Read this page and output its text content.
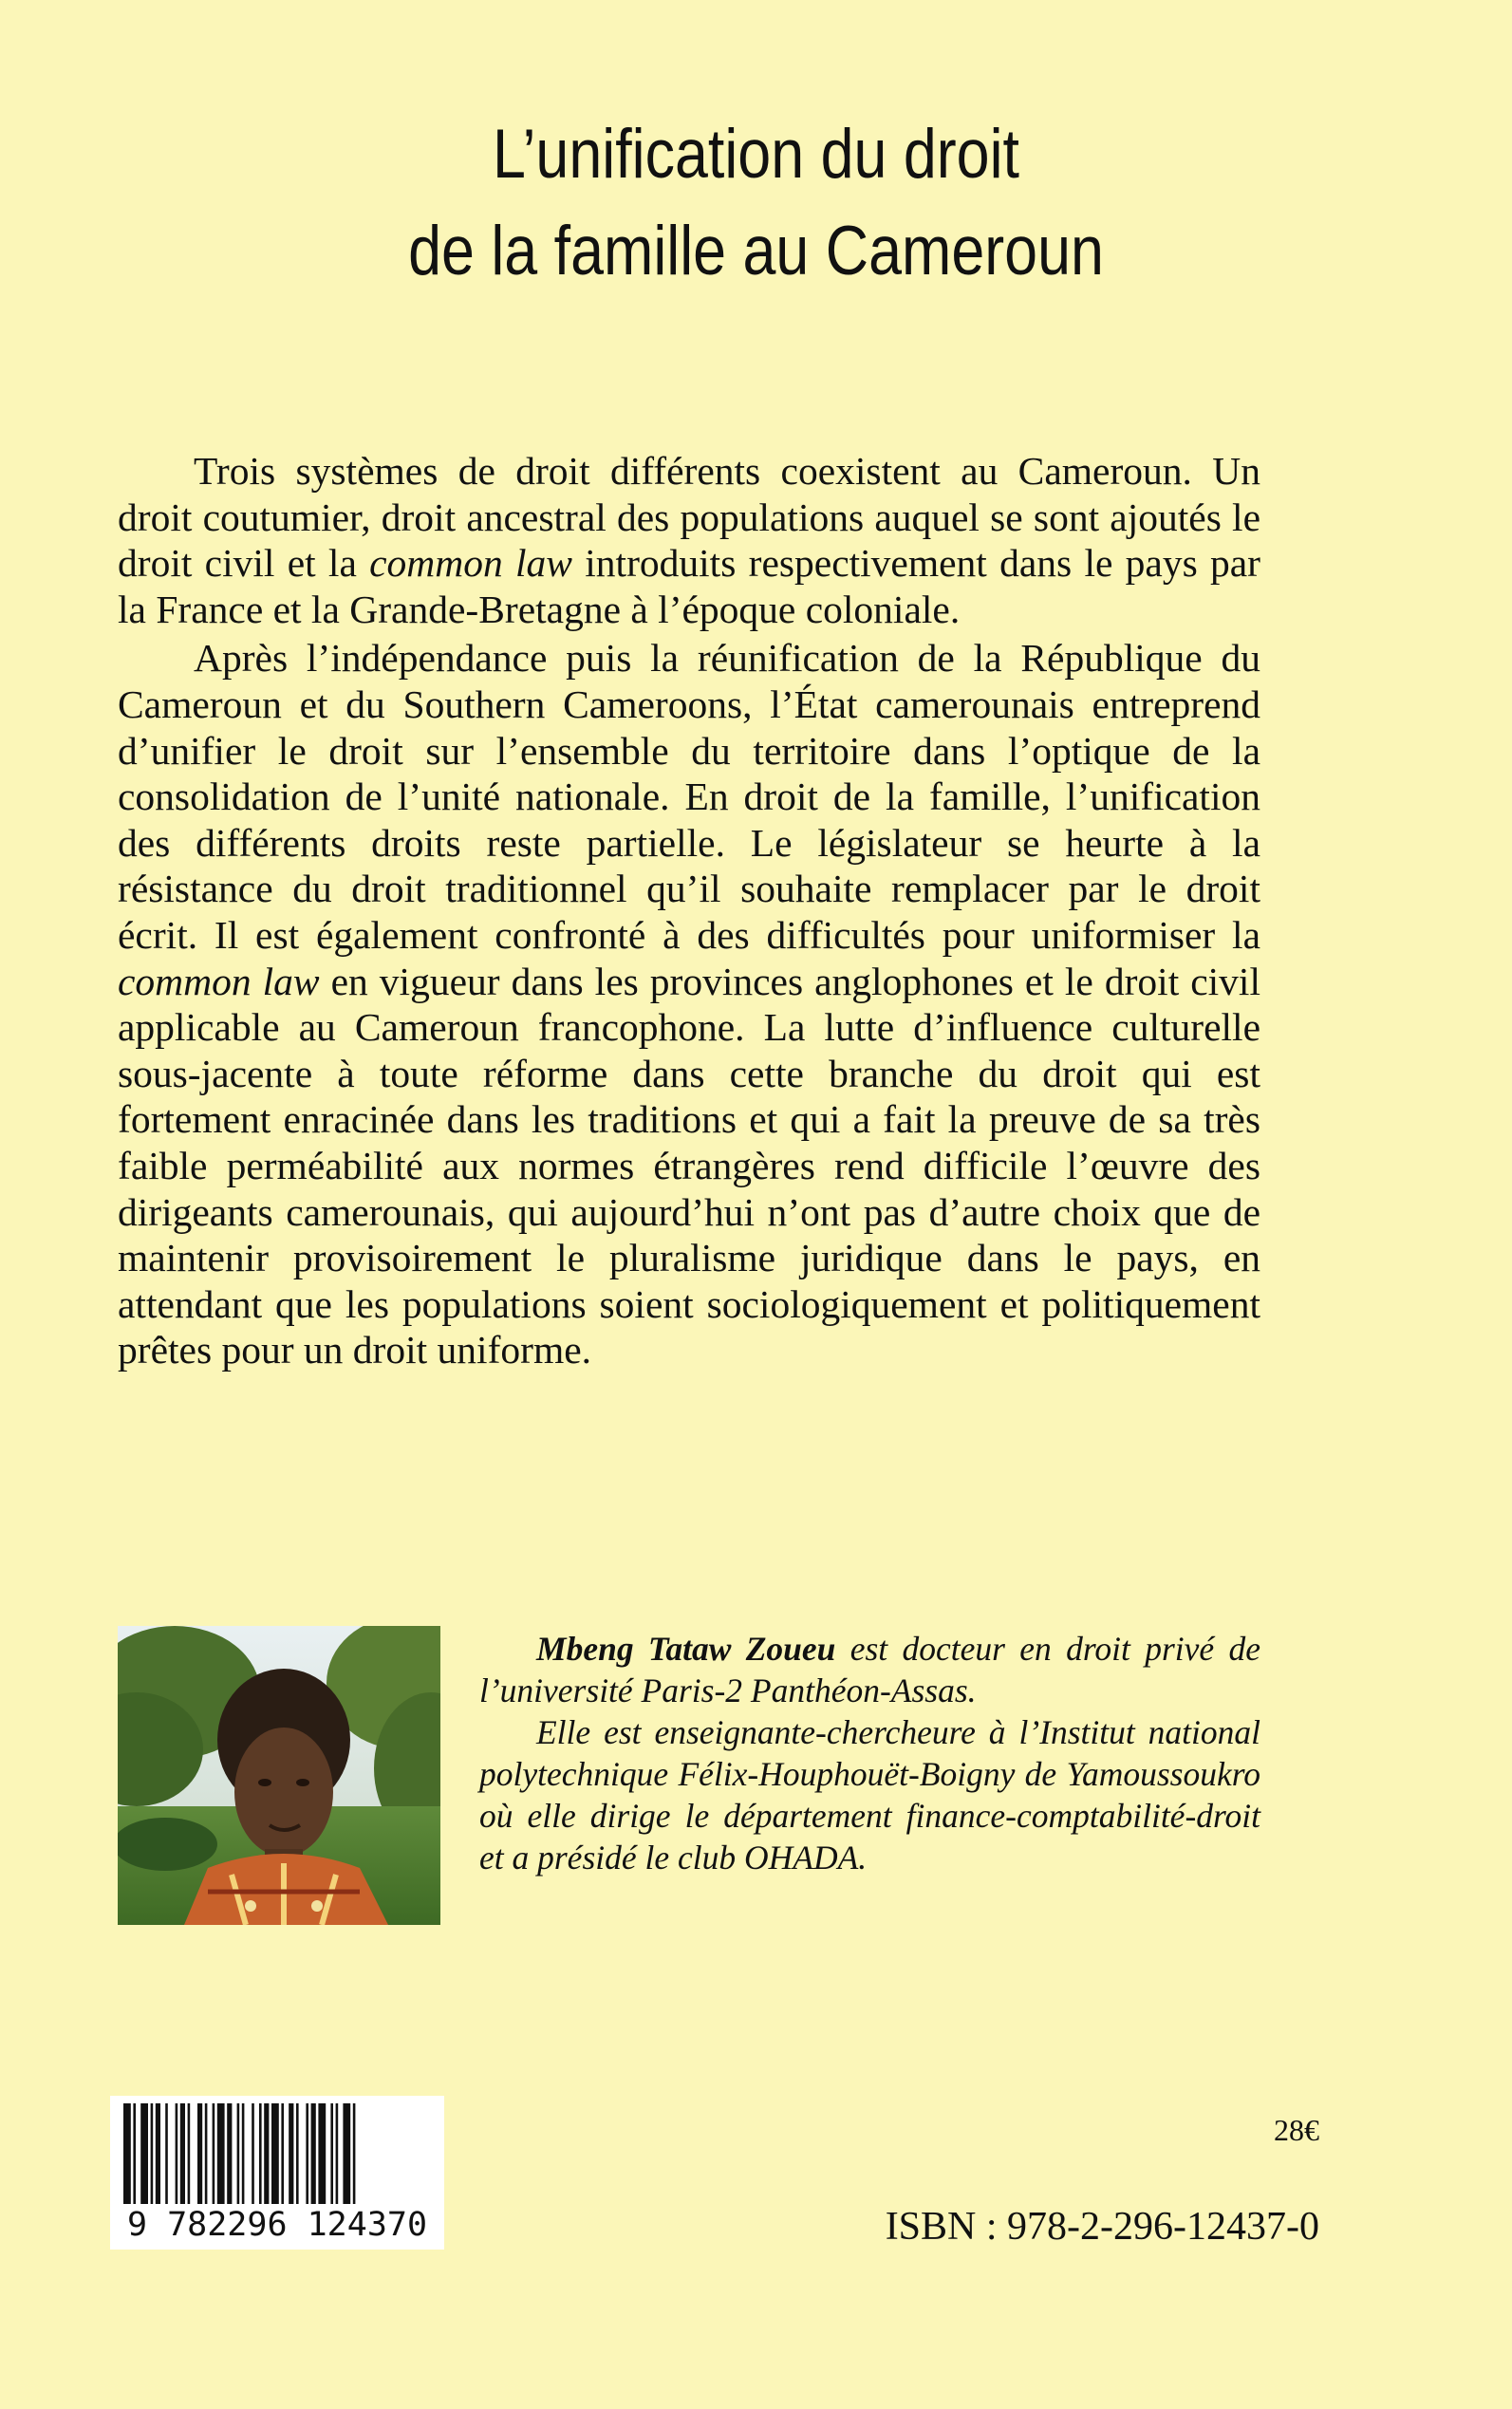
L’unification du droit
de la famille au Cameroun

Trois systèmes de droit différents coexistent au Cameroun. Un droit coutumier, droit ancestral des populations auquel se sont ajoutés le droit civil et la common law introduits respectivement dans le pays par la France et la Grande-Bretagne à l’époque coloniale.

Après l’indépendance puis la réunification de la République du Cameroun et du Southern Cameroons, l’État camerounais entreprend d’unifier le droit sur l’ensemble du territoire dans l’optique de la consolidation de l’unité nationale. En droit de la famille, l’unification des différents droits reste partielle. Le législateur se heurte à la résistance du droit traditionnel qu’il souhaite remplacer par le droit écrit. Il est également confronté à des difficultés pour uniformiser la common law en vigueur dans les provinces anglophones et le droit civil applicable au Cameroun francophone. La lutte d’influence culturelle sous-jacente à toute réforme dans cette branche du droit qui est fortement enracinée dans les traditions et qui a fait la preuve de sa très faible perméabilité aux normes étrangères rend difficile l’œuvre des dirigeants camerounais, qui aujourd’hui n’ont pas d’autre choix que de maintenir provisoirement le pluralisme juridique dans le pays, en attendant que les populations soient sociologiquement et politiquement prêtes pour un droit uniforme.

Mbeng Tataw Zoueu est docteur en droit privé de l’université Paris-2 Panthéon-Assas.

Elle est enseignante-chercheure à l’Institut national polytechnique Félix-Houphouët-Boigny de Yamoussoukro où elle dirige le département finance-comptabilité-droit et a présidé le club OHADA.

9 782296 124370
28€
ISBN : 978-2-296-12437-0
